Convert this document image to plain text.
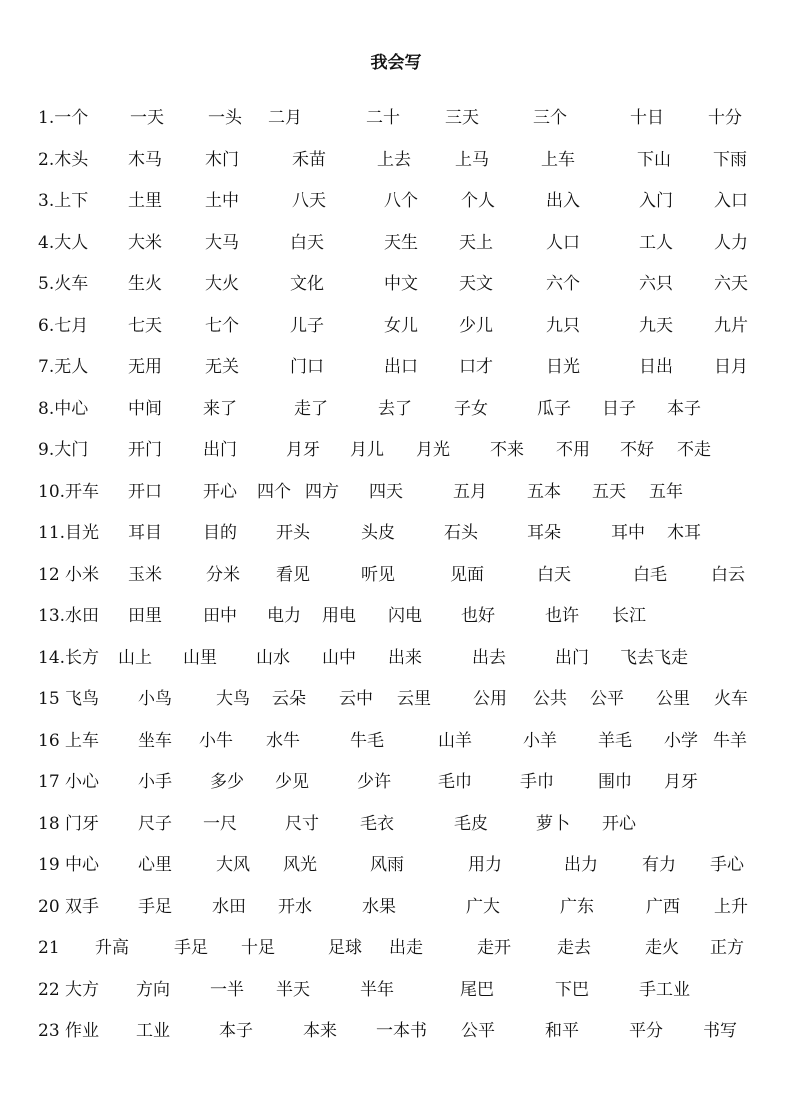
我会写
1.一个 一天	一头 二月	二十	三天	三个	十日	十分
2.木头 木马	木门	禾苗	上去	上马	上车	下山 下雨
3.上下 土里	土中	八天	八个	个人	出入	入门 入口
4.大人 大米	大马	白天	天生 天上	人口	工人 人力
5.火车 生火	大火	文化	中文 天文	六个	六只 六天
6.七月 七天	七个	儿子	女儿 少儿	九只	九天 九片
7.无人 无用	无关	门口	出口 口才	日光	日出 日月
8.中心 中间 来了	走了	去了 子女	瓜子 日子 本子
9.大门 开门 出门	月牙 月儿 月光 不来 不用 不好 不走
10.开车 开口 开心 四个 四方 四天	五月 五本 五天 五年
11.目光 耳目 目的 开头	头皮	石头	耳朵	耳中 木耳
12 小米 玉米	分米 看见	听见	见面	白天	白毛	白云
13.水田 田里 田中 电力 用电 闪电 也好	也许 长江
14.长方 山上 山里 山水 山中 出来	出去	出门 飞去 飞走
15 飞鸟 小鸟	大鸟 云朵 云中 云里 公用 公共 公平 公里 火车
16 上车 坐车 小牛 水牛	牛毛	山羊	小羊 羊毛 小学 牛羊
17 小心 小手 多少 少见	少许	毛巾	手巾	围巾 月牙
18 门牙 尺子 一尺	尺寸 毛衣	毛皮	萝卜 开心
19 中心 心里	大风 风光	风雨	用力	出力	有力 手心
20 双手 手足 水田 开水	水果	广大	广东	广西 上升
21 升高	手足 十足	足球 出走	走开	走去	走火 正方
22 大方 方向 一半 半天	半年	尾巴	下巴	手工业
23 作业 工业	本子	本来 一本书 公平	和平	平分 书写
